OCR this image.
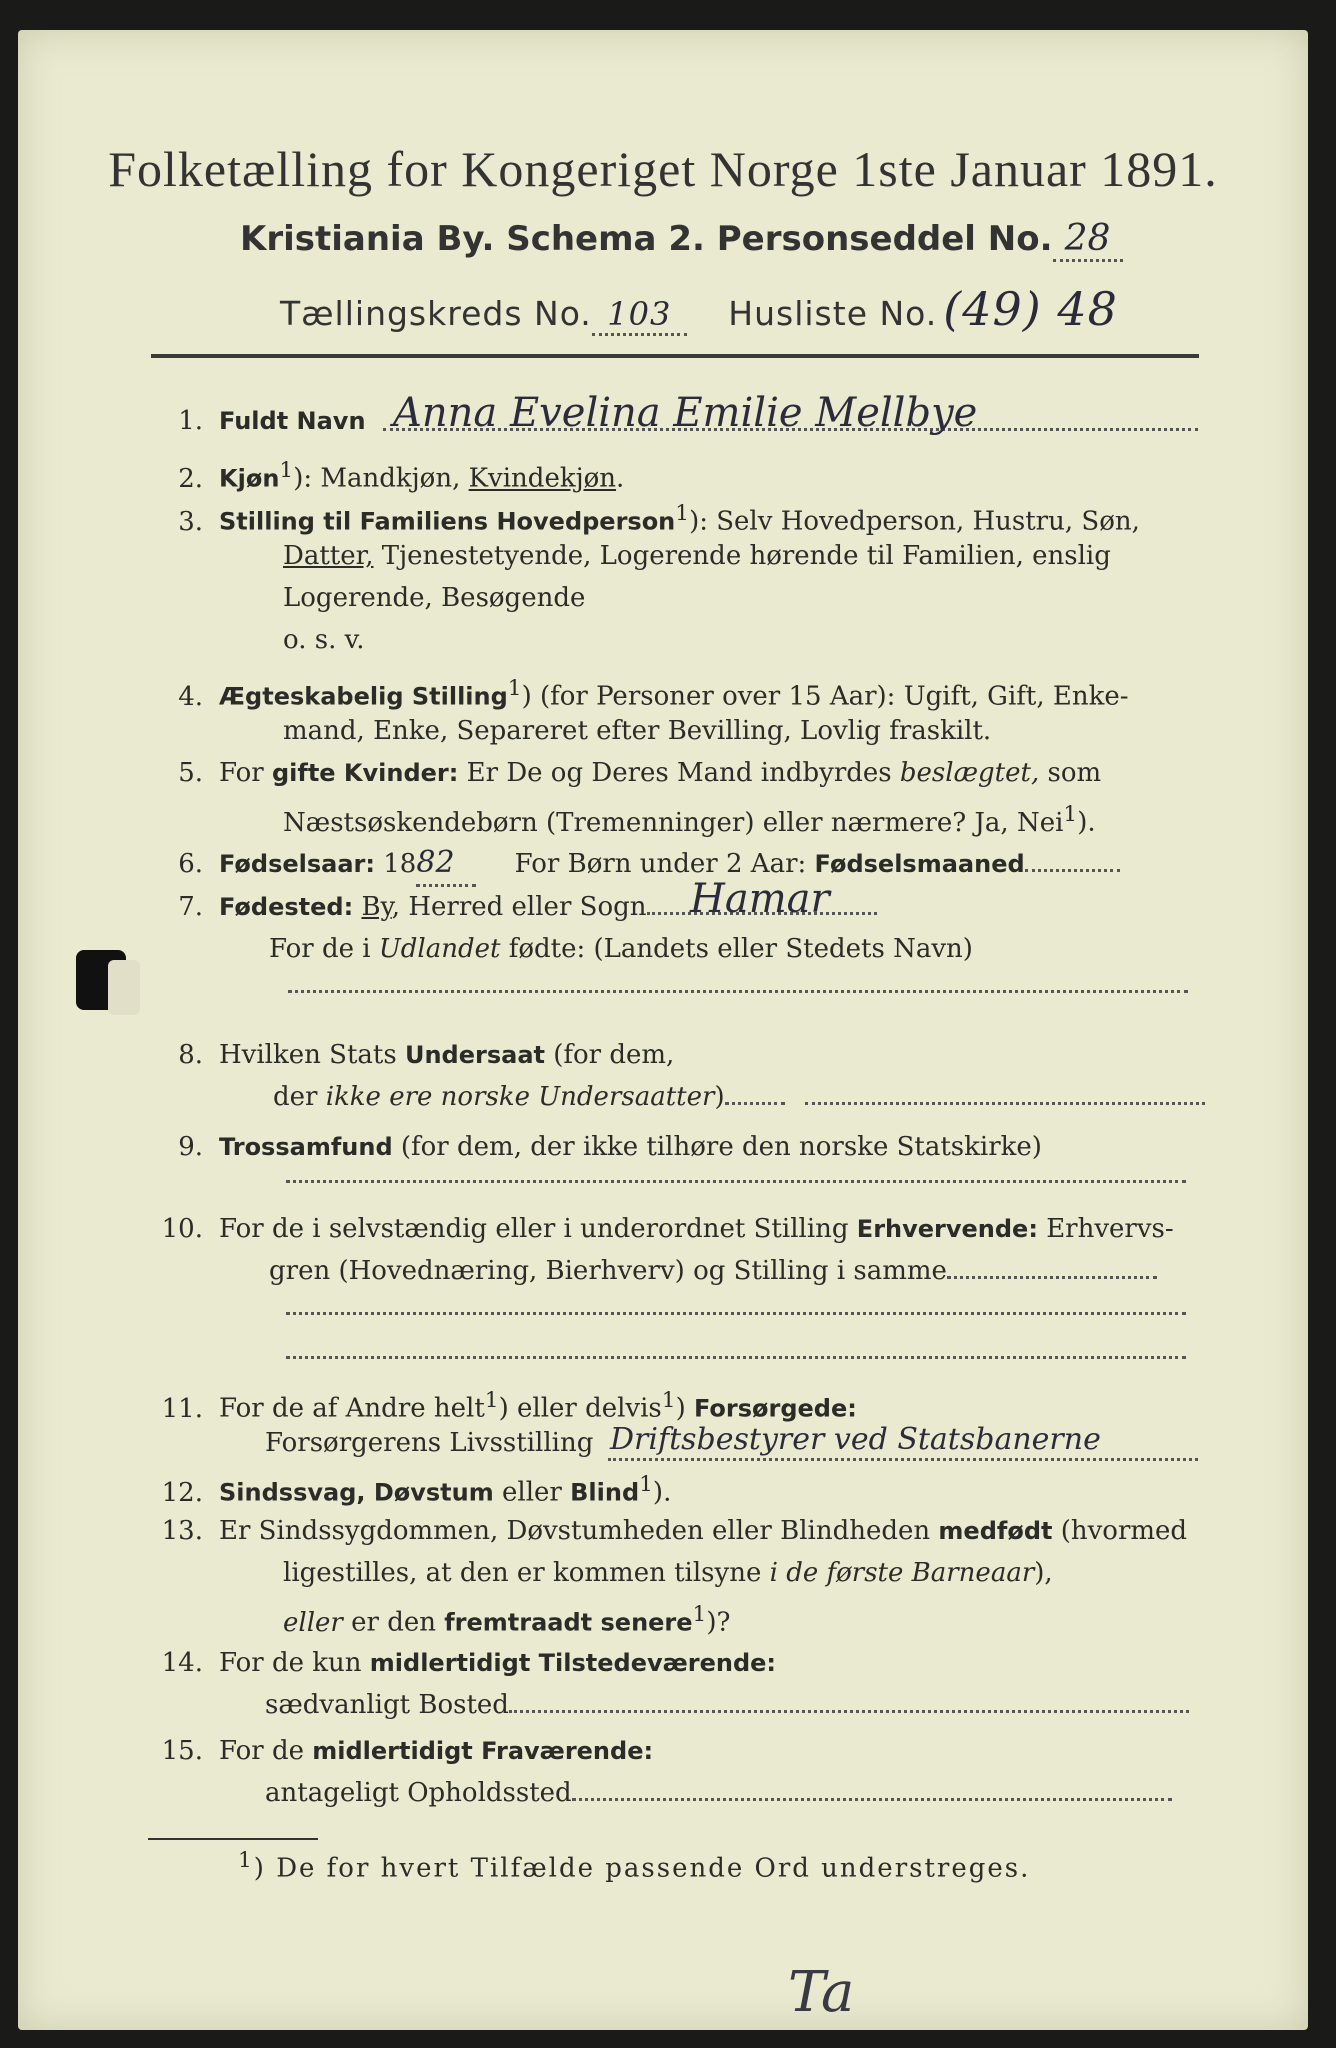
Folketælling for Kongeriget Norge 1ste Januar 1891.
Kristiania By. Schema 2. Personseddel No. 28
Tællingskreds No. 103 Husliste No. (49) 48
1. Fuldt Navn Anna Evelina Emilie Mellbye
2. Kjøn$^1$): Mandkjøn, Kvindekjøn.
3. Stilling til Familiens Hovedperson$^1$): Selv Hovedperson, Hustru, Søn,
Datter, Tjenestetyende, Logerende hørende til Familien, enslig
Logerende, Besøgende
o. s. v.
4. Ægteskabelig Stilling$^1$) (for Personer over 15 Aar): Ugift, Gift, Enke-
mand, Enke, Separeret efter Bevilling, Lovlig fraskilt.
5. For gifte Kvinder: Er De og Deres Mand indbyrdes beslægtet, som
Næstsøskendebørn (Tremenninger) eller nærmere? Ja, Nei$^1$).
6. Fødselsaar: 1882 For Børn under 2 Aar: Fødselsmaaned
7. Fødested: By, Herred eller Sogn	Hamar
For de i Udlandet fødte: (Landets eller Stedets Navn)
8. Hvilken Stats Undersaat (for dem,
der ikke ere norske Undersaatter)
9. Trossamfund (for dem, der ikke tilhøre den norske Statskirke)
10. For de i selvstændig eller i underordnet Stilling Erhvervende: Erhvervs-
gren (Hovednæring, Bierhverv) og Stilling i samme
11. For de af Andre helt$^1$) eller delvis$^1$) Forsørgede:
Forsørgerens Livsstilling Driftsbestyrer ved Statsbanerne
12. Sindssvag, Døvstum eller Blind$^1$).
13. Er Sindssygdommen, Døvstumheden eller Blindheden medfødt (hvormed
ligestilles, at den er kommen tilsyne i de første Barneaar),
eller er den fremtraadt senere$^1$)?
14. For de kun midlertidigt Tilstedeværende:
sædvanligt Bosted
15. For de midlertidigt Fraværende:
antageligt Opholdssted
$^1$) De for hvert Tilfælde passende Ord understreges.
Ta
